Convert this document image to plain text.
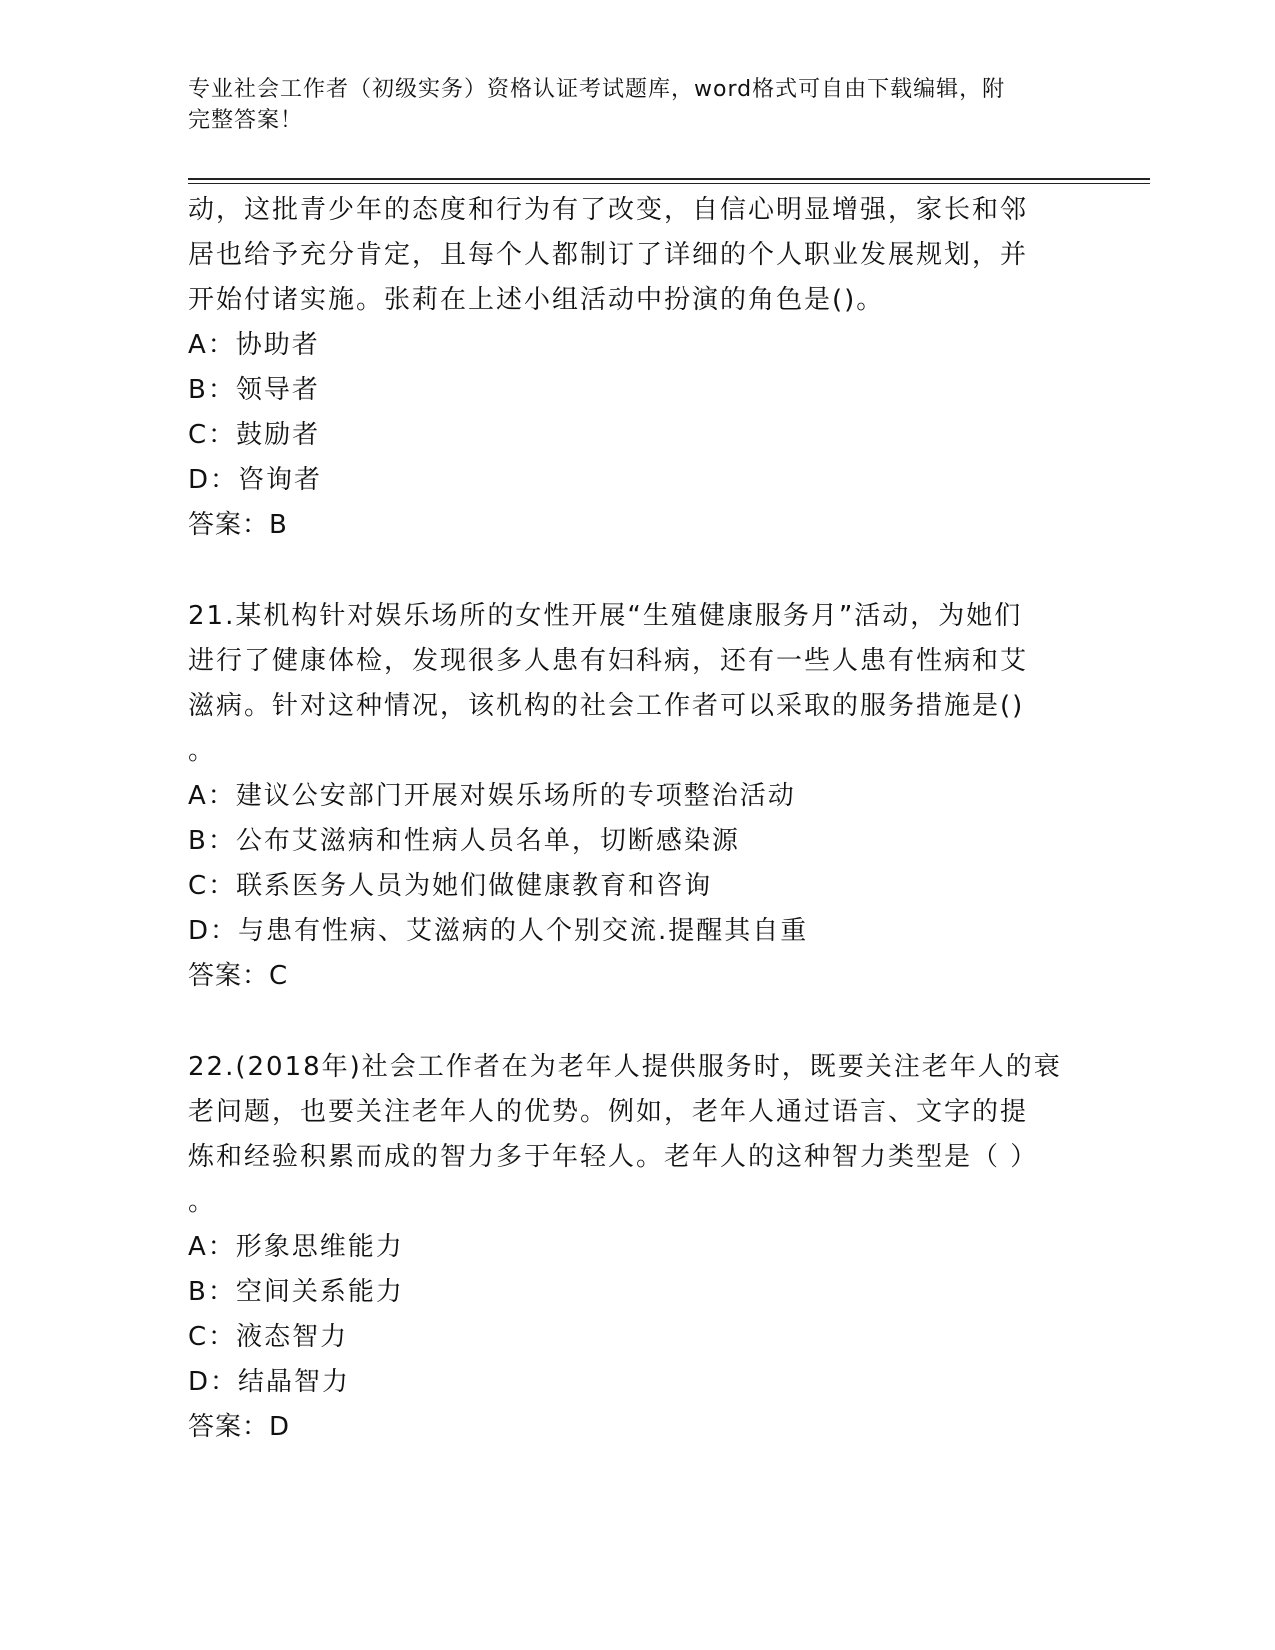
专业社会工作者（初级实务）资格认证考试题库，word格式可自由下载编辑，附
完整答案！
动，这批青少年的态度和行为有了改变，自信心明显增强，家长和邻
居也给予充分肯定，且每个人都制订了详细的个人职业发展规划，并
开始付诸实施。张莉在上述小组活动中扮演的角色是()。
A：协助者
B：领导者
C：鼓励者
D：咨询者
答案：B
21.某机构针对娱乐场所的女性开展“生殖健康服务月”活动，为她们
进行了健康体检，发现很多人患有妇科病，还有一些人患有性病和艾
滋病。针对这种情况，该机构的社会工作者可以采取的服务措施是()
。
A：建议公安部门开展对娱乐场所的专项整治活动
B：公布艾滋病和性病人员名单，切断感染源
C：联系医务人员为她们做健康教育和咨询
D：与患有性病、艾滋病的人个别交流.提醒其自重
答案：C
22.(2018年)社会工作者在为老年人提供服务时，既要关注老年人的衰
老问题，也要关注老年人的优势。例如，老年人通过语言、文字的提
炼和经验积累而成的智力多于年轻人。老年人的这种智力类型是（ ）
。
A：形象思维能力
B：空间关系能力
C：液态智力
D：结晶智力
答案：D
